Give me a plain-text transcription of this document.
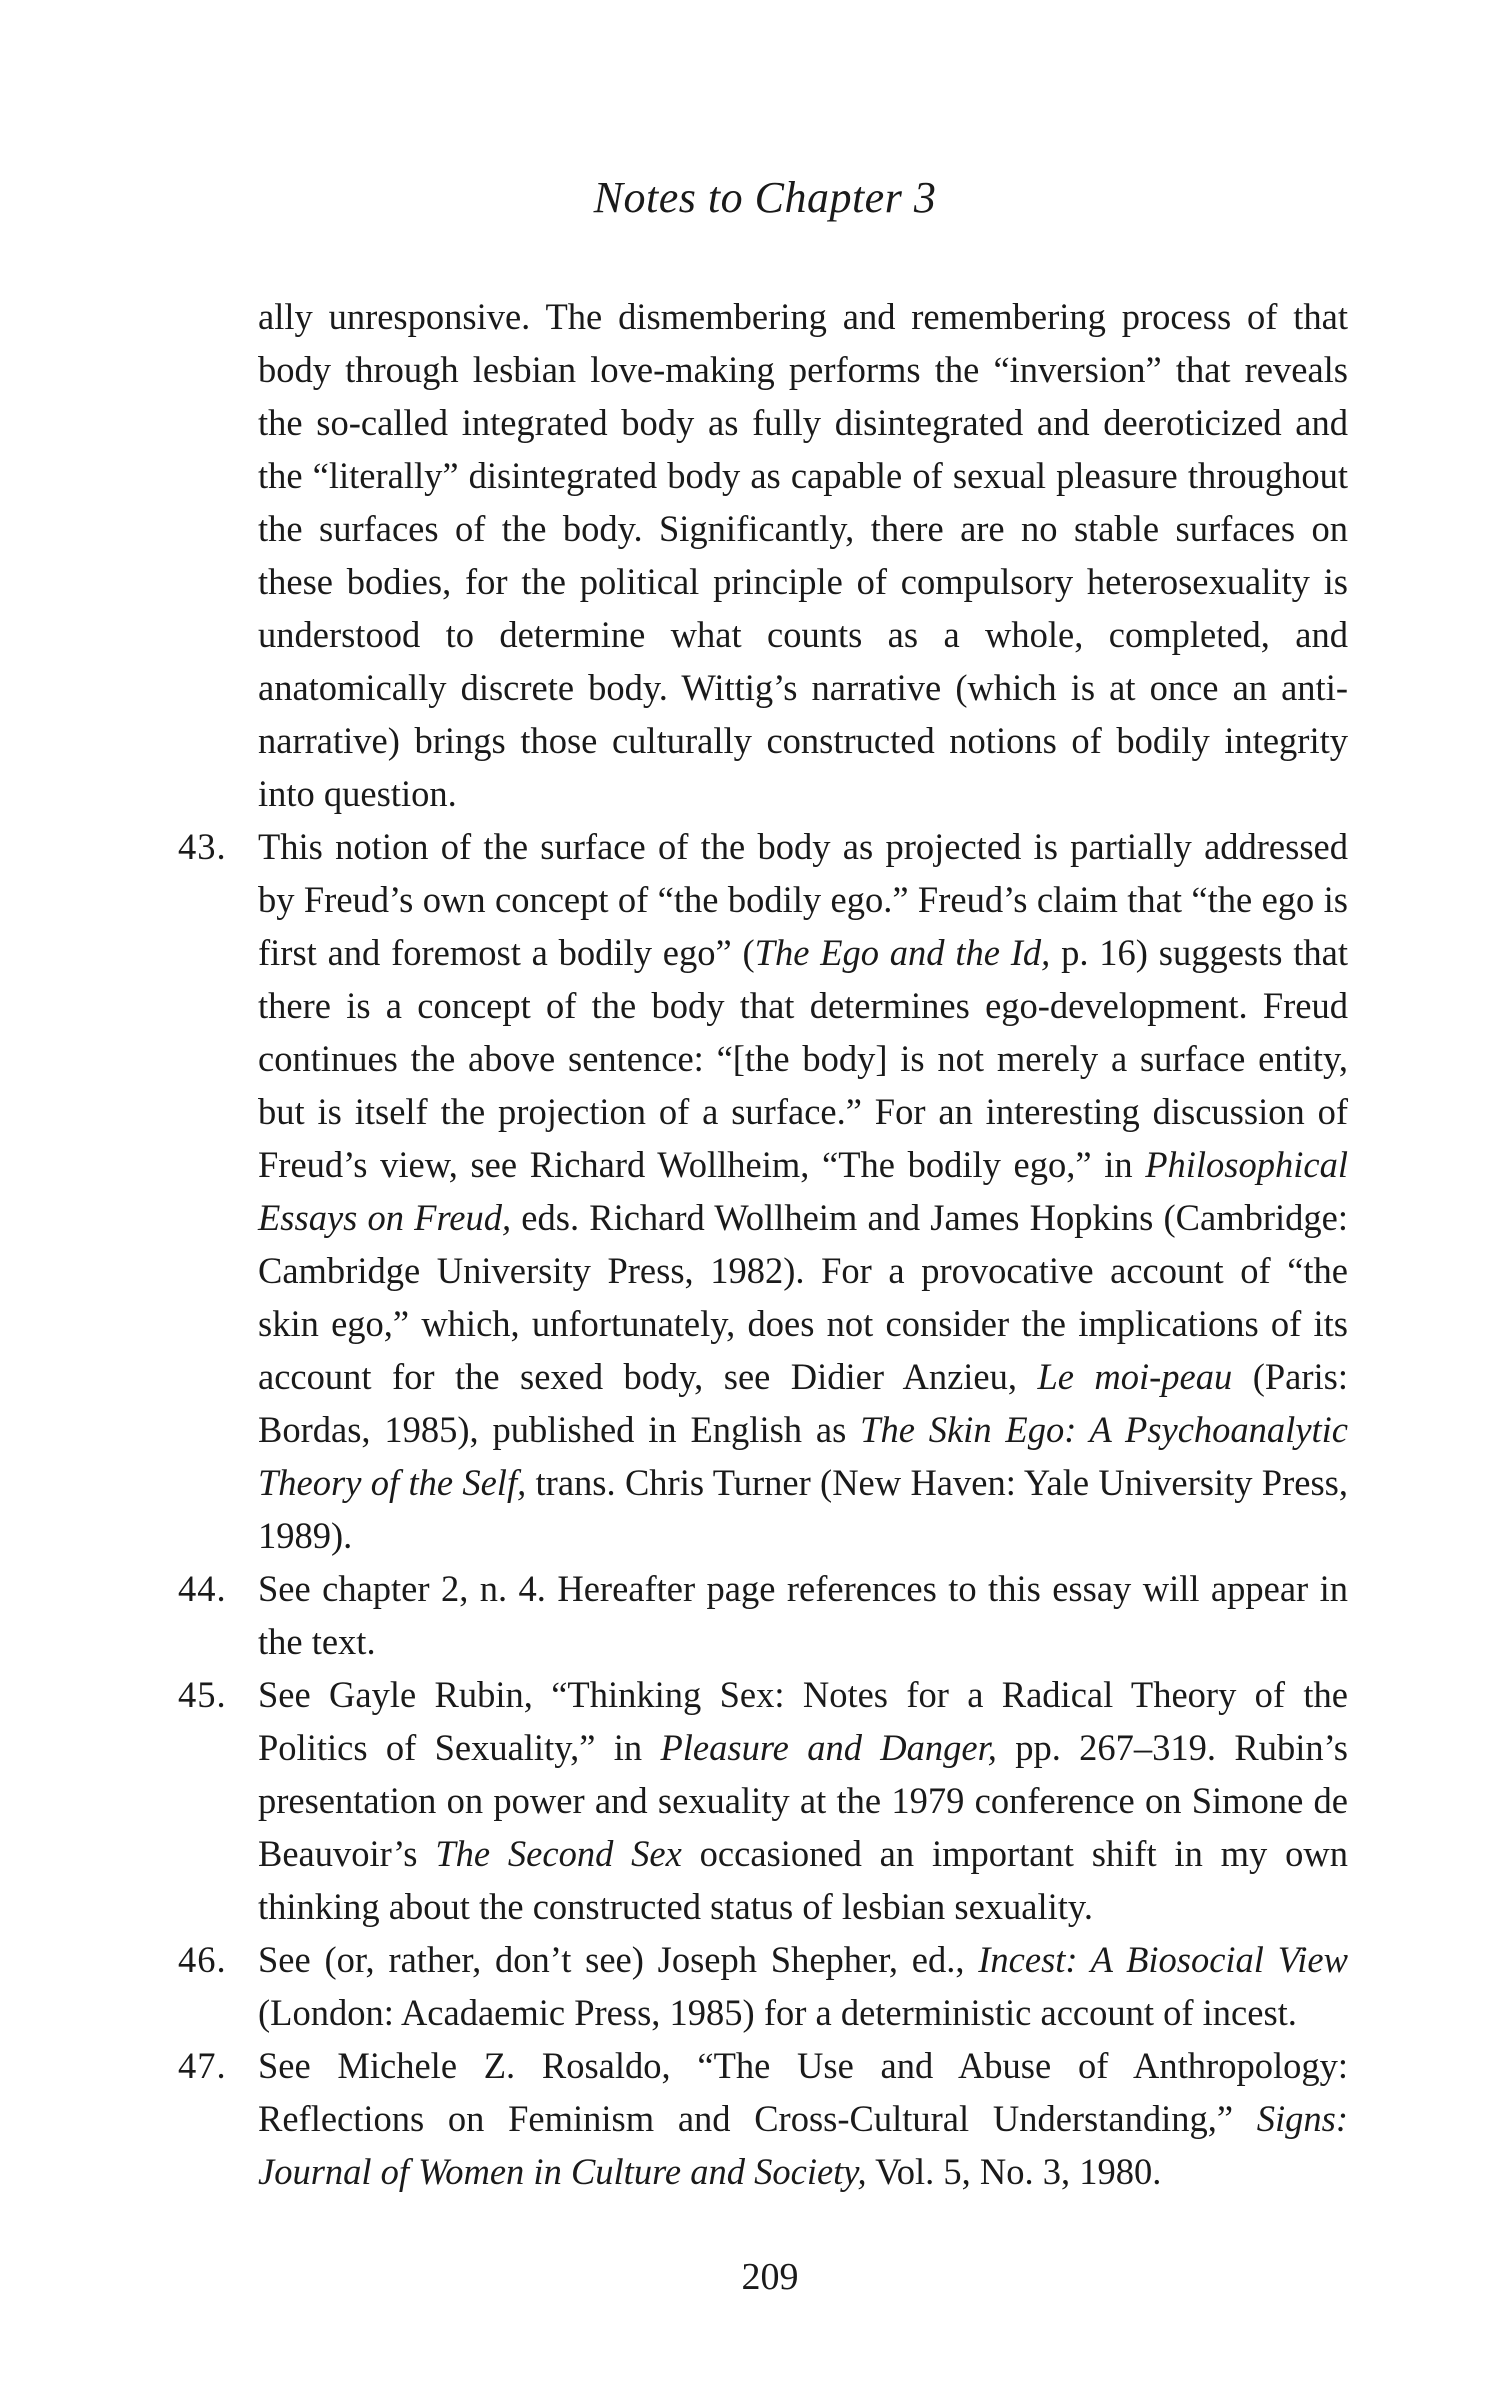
Notes to Chapter 3

ally unresponsive. The dismembering and remembering process of that body through lesbian love-making performs the “inversion” that reveals the so-called integrated body as fully disintegrated and deeroticized and the “literally” disintegrated body as capable of sexual pleasure throughout the surfaces of the body. Significantly, there are no stable surfaces on these bodies, for the political principle of compulsory heterosexuality is understood to determine what counts as a whole, completed, and anatomically discrete body. Wittig’s narrative (which is at once an anti-narrative) brings those culturally constructed notions of bodily integrity into question.

43. This notion of the surface of the body as projected is partially addressed by Freud’s own concept of “the bodily ego.” Freud’s claim that “the ego is first and foremost a bodily ego” (The Ego and the Id, p. 16) suggests that there is a concept of the body that determines ego-development. Freud continues the above sentence: “[the body] is not merely a surface entity, but is itself the projection of a surface.” For an interesting discussion of Freud’s view, see Richard Wollheim, “The bodily ego,” in Philosophical Essays on Freud, eds. Richard Wollheim and James Hopkins (Cambridge: Cambridge University Press, 1982). For a provocative account of “the skin ego,” which, unfortunately, does not consider the implications of its account for the sexed body, see Didier Anzieu, Le moi-peau (Paris: Bordas, 1985), published in English as The Skin Ego: A Psychoanalytic Theory of the Self, trans. Chris Turner (New Haven: Yale University Press, 1989).

44. See chapter 2, n. 4. Hereafter page references to this essay will appear in the text.

45. See Gayle Rubin, “Thinking Sex: Notes for a Radical Theory of the Politics of Sexuality,” in Pleasure and Danger, pp. 267–319. Rubin’s presentation on power and sexuality at the 1979 conference on Simone de Beauvoir’s The Second Sex occasioned an important shift in my own thinking about the constructed status of lesbian sexuality.

46. See (or, rather, don’t see) Joseph Shepher, ed., Incest: A Biosocial View (London: Acadaemic Press, 1985) for a deterministic account of incest.

47. See Michele Z. Rosaldo, “The Use and Abuse of Anthropology: Reflections on Feminism and Cross-Cultural Understanding,” Signs: Journal of Women in Culture and Society, Vol. 5, No. 3, 1980.

209
